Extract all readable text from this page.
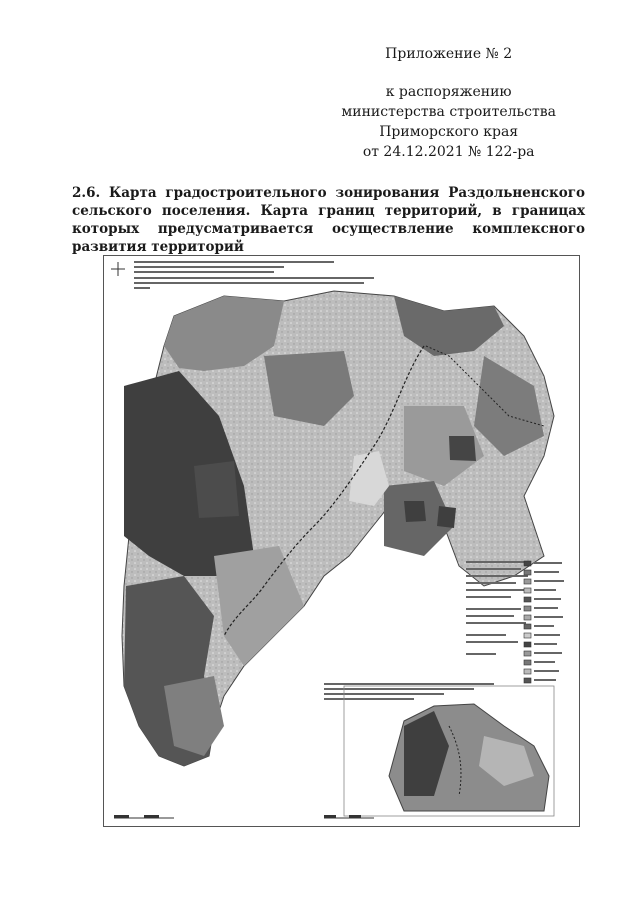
Приложение № 2
к распоряжению
министерства строительства
Приморского края
от 24.12.2021 № 122-ра
2.6. Карта градостроительного зонирования Раздольненского сельского поселения. Карта границ территорий, в границах которых предусматривается осуществление комплексного развития территорий
